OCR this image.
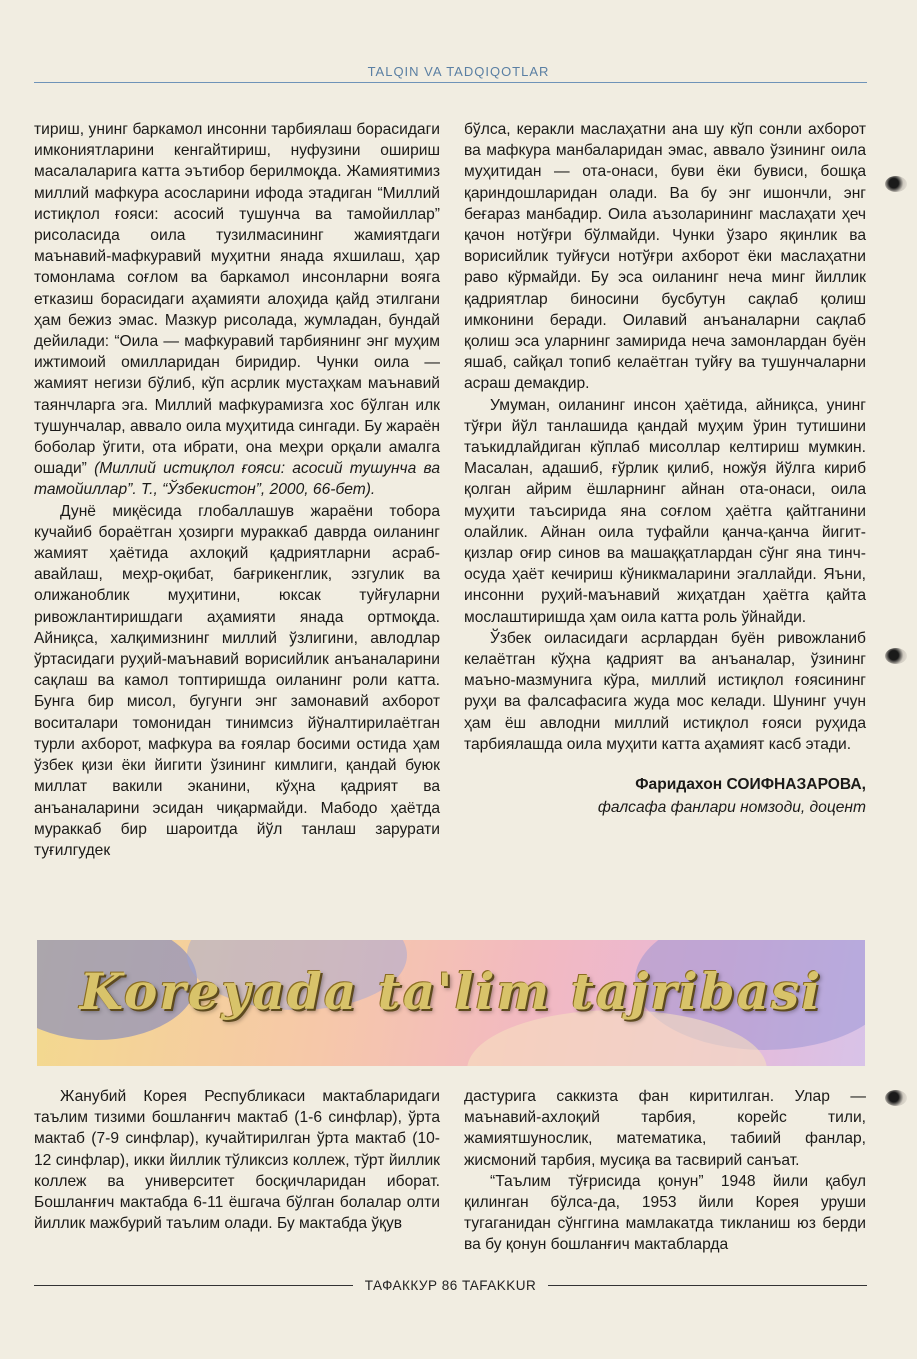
TALQIN VA TADQIQOTLAR

тириш, унинг баркамол инсонни тарбиялаш борасидаги имкониятларини кенгайтириш, нуфузини ошириш масалаларига катта эътибор берилмоқда. Жамиятимиз миллий мафкура асосларини ифода этадиган “Миллий истиқлол ғояси: асосий тушунча ва тамойиллар” рисоласида оила тузилмасининг жамиятдаги маънавий-мафкуравий муҳитни янада яхшилаш, ҳар томонлама соғлом ва баркамол инсонларни вояга етказиш борасидаги аҳамияти алоҳида қайд этилгани ҳам бежиз эмас. Мазкур рисолада, жумладан, бундай дейилади: “Оила — мафкуравий тарбиянинг энг муҳим ижтимоий омилларидан биридир. Чунки оила — жамият негизи бўлиб, кўп асрлик мустаҳкам маънавий таянчларга эга. Миллий мафкурамизга хос бўлган илк тушунчалар, аввало оила муҳитида сингади. Бу жараён боболар ўгити, ота ибрати, она меҳри орқали амалга ошади” (Миллий истиқлол ғояси: асосий тушунча ва тамойиллар”. Т., “Ўзбекистон”, 2000, 66-бет).

Дунё миқёсида глобаллашув жараёни тобора кучайиб бораётган ҳозирги мураккаб даврда оиланинг жамият ҳаётида ахлоқий қадриятларни асраб-авайлаш, меҳр-оқибат, бағрикенглик, эзгулик ва олижаноблик муҳитини, юксак туйғуларни ривожлантиришдаги аҳамияти янада ортмоқда. Айниқса, халқимизнинг миллий ўзлигини, авлодлар ўртасидаги руҳий-маънавий ворисийлик анъаналарини сақлаш ва камол топтиришда оиланинг роли катта. Бунга бир мисол, бугунги энг замонавий ахборот воситалари томонидан тинимсиз йўналтирилаётган турли ахборот, мафкура ва ғоялар босими остида ҳам ўзбек қизи ёки йигити ўзининг кимлиги, қандай буюк миллат вакили эканини, кўҳна қадрият ва анъаналарини эсидан чиқармайди. Мабодо ҳаётда мураккаб бир шароитда йўл танлаш зарурати туғилгудек

бўлса, керакли маслаҳатни ана шу кўп сонли ахборот ва мафкура манбаларидан эмас, аввало ўзининг оила муҳитидан — ота-онаси, буви ёки бувиси, бошқа қариндошларидан олади. Ва бу энг ишончли, энг беғараз манбадир. Оила аъзоларининг маслаҳати ҳеч қачон нотўғри бўлмайди. Чунки ўзаро яқинлик ва ворисийлик туйғуси нотўғри ахборот ёки маслаҳатни раво кўрмайди. Бу эса оиланинг неча минг йиллик қадриятлар биносини бусбутун сақлаб қолиш имконини беради. Оилавий анъаналарни сақлаб қолиш эса уларнинг замирида неча замонлардан буён яшаб, сайқал топиб келаётган туйғу ва тушунчаларни асраш демакдир.

Умуман, оиланинг инсон ҳаётида, айниқса, унинг тўғри йўл танлашида қандай муҳим ўрин тутишини таъкидлайдиган кўплаб мисоллар келтириш мумкин. Масалан, адашиб, ғўрлик қилиб, ножўя йўлга кириб қолган айрим ёшларнинг айнан ота-онаси, оила муҳити таъсирида яна соғлом ҳаётга қайтганини олайлик. Айнан оила туфайли қанча-қанча йигит-қизлар оғир синов ва машаққатлардан сўнг яна тинч-осуда ҳаёт кечириш кўникмаларини эгаллайди. Яъни, инсонни руҳий-маънавий жиҳатдан ҳаётга қайта мослаштиришда ҳам оила катта роль ўйнайди.

Ўзбек оиласидаги асрлардан буён ривожланиб келаётган кўҳна қадрият ва анъаналар, ўзининг маъно-мазмунига кўра, миллий истиқлол ғоясининг руҳи ва фалсафасига жуда мос келади. Шунинг учун ҳам ёш авлодни миллий истиқлол ғояси руҳида тарбиялашда оила муҳити катта аҳамият касб этади.

Фаридахон СОИФНАЗАРОВА,
фалсафа фанлари номзоди, доцент
Koreyada ta'lim tajribasi

Жанубий Корея Республикаси мактабларидаги таълим тизими бошланғич мактаб (1-6 синфлар), ўрта мактаб (7-9 синфлар), кучайтирилган ўрта мактаб (10-12 синфлар), икки йиллик тўликсиз коллеж, тўрт йиллик коллеж ва университет босқичларидан иборат. Бошланғич мактабда 6-11 ёшгача бўлган болалар олти йиллик мажбурий таълим олади. Бу мактабда ўқув

дастурига саккизта фан киритилган. Улар — маънавий-ахлоқий тарбия, корейс тили, жамиятшунослик, математика, табиий фанлар, жисмоний тарбия, мусиқа ва тасвирий санъат.

“Таълим тўғрисида қонун” 1948 йили қабул қилинган бўлса-да, 1953 йили Корея уруши тугаганидан сўнггина мамлакатда тикланиш юз берди ва бу қонун бошланғич мактабларда

ТАФАККУР 86 TAFAKKUR
